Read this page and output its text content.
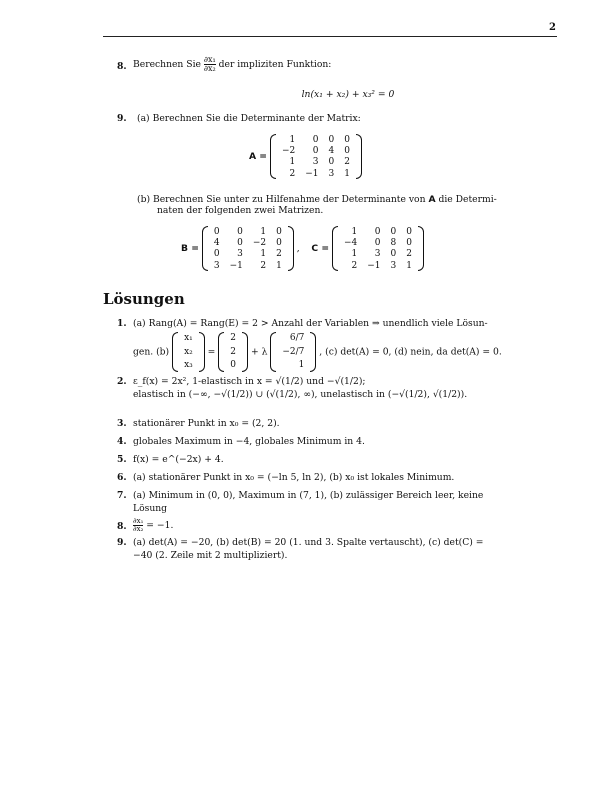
2
8. Berechnen Sie $\frac{\text{∂x₁}}{\text{∂x₂}}$ der impliziten Funktion:
ln(x₁ + x₂) + x₃² = 0
9. (a) Berechnen Sie die Determinante der Matrix:
A =
1	0	0	0
−2	0	4	0
1	3	0	2
2	−1	3	1
(b) Berechnen Sie unter zu Hilfenahme der Determinante von A die Determi-
naten der folgenden zwei Matrizen.
B =
0	0	1	0
4	0	−2	0
0	3	1	2
3	−1	2	1
, C =
1	0	0	0
−4	0	8	0
1	3	0	2
2	−1	3	1
Lösungen
1. (a) Rang(A) = Rang(E) = 2 > Anzahl der Variablen ⇒ unendlich viele Lösun-
gen. (b)
x₁
x₂
x₃
=
2
2
0
+ λ
6/7
−2/7
1
, (c) det(A) = 0, (d) nein, da det(A) = 0.
2. ε_f(x) = 2x², 1-elastisch in x = √(1/2) und −√(1/2);
elastisch in (−∞, −√(1/2)) ∪ (√(1/2), ∞), unelastisch in (−√(1/2), √(1/2)).
3. stationärer Punkt in x₀ = (2, 2).
4. globales Maximum in −4, globales Minimum in 4.
5. f(x) = e^(−2x) + 4.
6. (a) stationärer Punkt in x₀ = (−ln 5, ln 2), (b) x₀ ist lokales Minimum.
7. (a) Minimum in (0, 0), Maximum in (7, 1), (b) zulässiger Bereich leer, keine
Lösung
8. $\frac{\text{∂x₁}}{\text{∂x₂}} = -1$.
9. (a) det(A) = −20, (b) det(B) = 20 (1. und 3. Spalte vertauscht), (c) det(C) =
−40 (2. Zeile mit 2 multipliziert).
